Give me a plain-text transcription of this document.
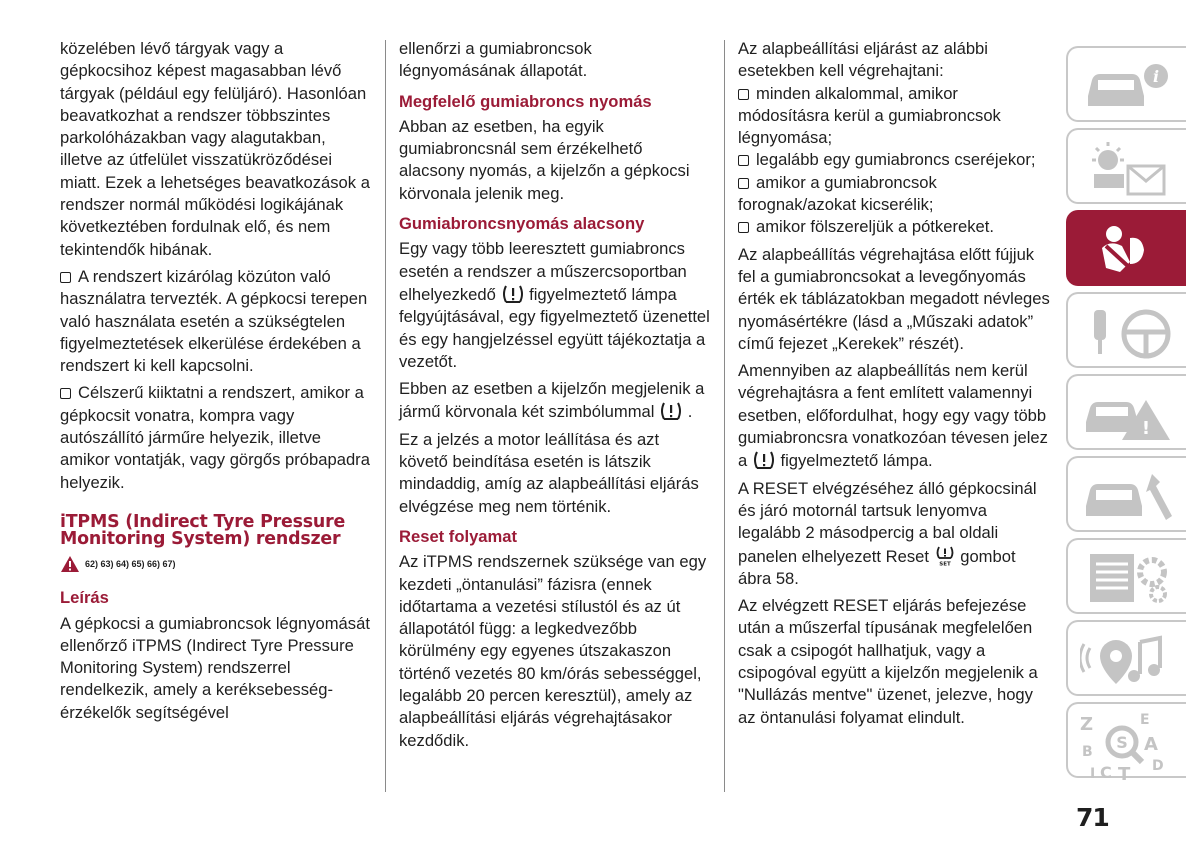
közelében lévő tárgyak vagy a gépkocsihoz képest magasabban lévő tárgyak (például egy felüljáró). Hasonlóan beavatkozhat a rendszer többszintes parkolóházakban vagy alagutakban, illetve az útfelület visszatükröződései miatt. Ezek a lehetséges beavatkozások a rendszer normál működési logikájának következtében fordulnak elő, és nem tekintendők hibának.

A rendszert kizárólag közúton való használatra tervezték. A gépkocsi terepen való használata esetén a szükségtelen figyelmeztetések elkerülése érdekében a rendszert ki kell kapcsolni.

Célszerű kiiktatni a rendszert, amikor a gépkocsit vonatra, kompra vagy autószállító járműre helyezik, illetve amikor vontatják, vagy görgős próbapadra helyezik.

iTPMS (Indirect Tyre Pressure Monitoring System) rendszer
62) 63) 64) 65) 66) 67)
Leírás

A gépkocsi a gumiabroncsok légnyomását ellenőrző iTPMS (Indirect Tyre Pressure Monitoring System) rendszerrel rendelkezik, amely a keréksebesség-érzékelők segítségével

ellenőrzi a gumiabroncsok légnyomásának állapotát.

Megfelelő gumiabroncs nyomás

Abban az esetben, ha egyik gumiabroncsnál sem érzékelhető alacsony nyomás, a kijelzőn a gépkocsi körvonala jelenik meg.

Gumiabroncsnyomás alacsony

Egy vagy több leeresztett gumiabroncs esetén a rendszer a műszercsoportban elhelyezkedő figyelmeztető lámpa felgyújtásával, egy figyelmeztető üzenettel és egy hangjelzéssel együtt tájékoztatja a vezetőt.

Ebben az esetben a kijelzőn megjelenik a jármű körvonala két szimbólummal .

Ez a jelzés a motor leállítása és azt követő beindítása esetén is látszik mindaddig, amíg az alapbeállítási eljárás elvégzése meg nem történik.

Reset folyamat

Az iTPMS rendszernek szüksége van egy kezdeti „öntanulási” fázisra (ennek időtartama a vezetési stílustól és az út állapotától függ: a legkedvezőbb körülmény egy egyenes útszakaszon történő vezetés 80 km/órás sebességgel, legalább 20 percen keresztül), amely az alapbeállítási eljárás végrehajtásakor kezdődik.

Az alapbeállítási eljárást az alábbi esetekben kell végrehajtani:

minden alkalommal, amikor módosításra kerül a gumiabroncsok légnyomása;

legalább egy gumiabroncs cseréjekor;

amikor a gumiabroncsok forognak/azokat kicserélik;

amikor fölszereljük a pótkereket.

Az alapbeállítás végrehajtása előtt fújjuk fel a gumiabroncsokat a levegőnyomás érték ek táblázatokban megadott névleges nyomásértékre (lásd a „Műszaki adatok” című fejezet „Kerekek” részét).

Amennyiben az alapbeállítás nem kerül végrehajtásra a fent említett valamennyi esetben, előfordulhat, hogy egy vagy több gumiabroncsra vonatkozóan tévesen jelez a figyelmeztető lámpa.

A RESET elvégzéséhez álló gépkocsinál és járó motornál tartsuk lenyomva legalább 2 másodpercig a bal oldali panelen elhelyezett Reset SET gombot ábra 58.

Az elvégzett RESET eljárás befejezése után a műszerfal típusának megfelelően csak a csipogót hallhatjuk, vagy a csipogóval együtt a kijelzőn megjelenik a "Nullázás mentve" üzenet, jelezve, hogy az öntanulási folyamat elindult.

i
!
Z	E
B	A
I C T D
S
71
